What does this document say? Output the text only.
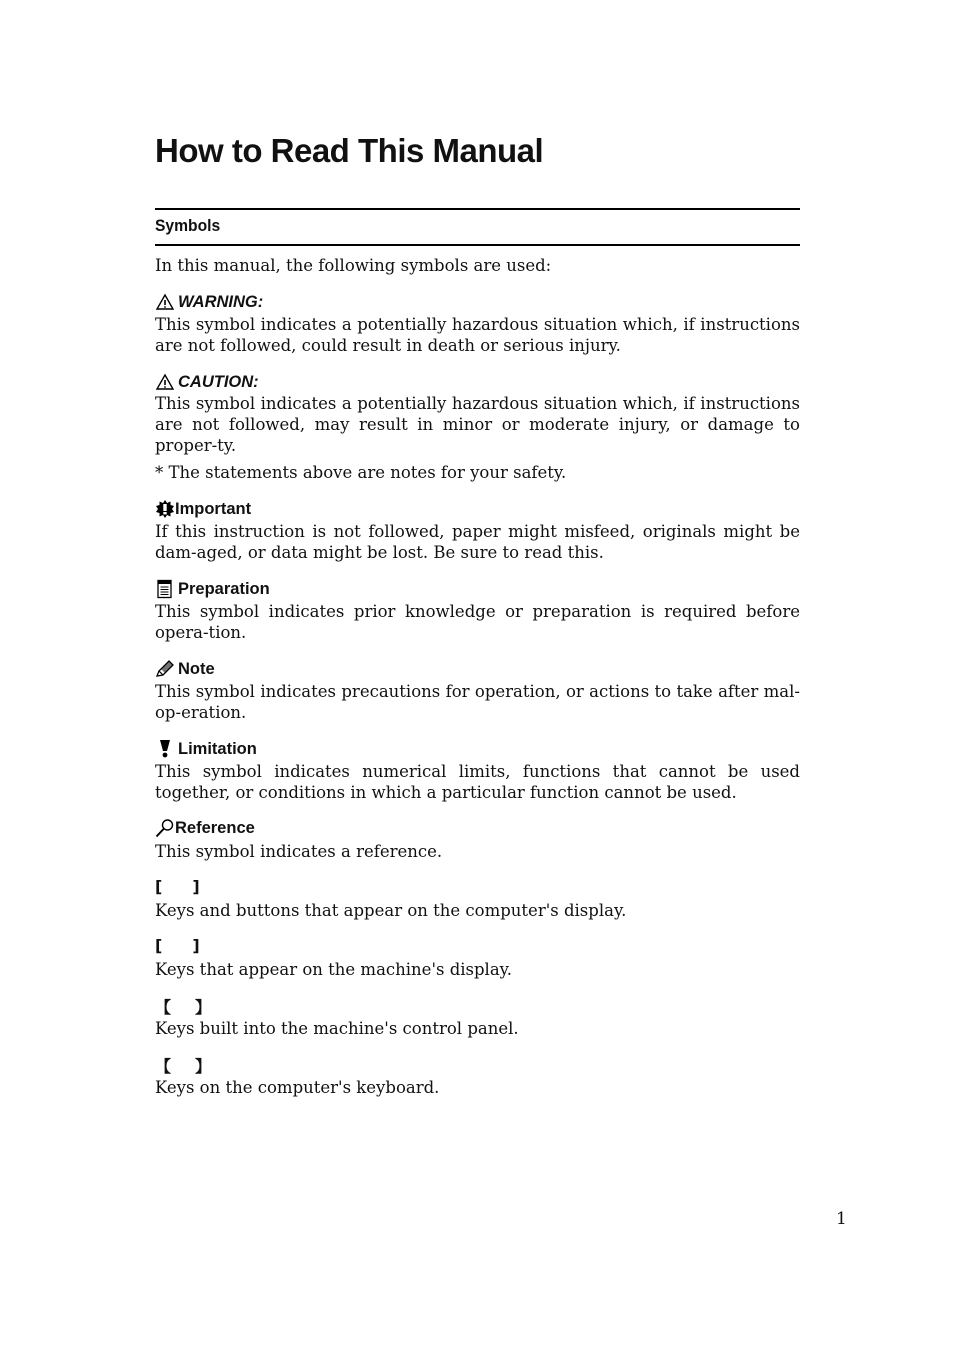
How to Read This Manual
Symbols
In this manual, the following symbols are used:
WARNING:
This symbol indicates a potentially hazardous situation which, if instructions are not followed, could result in death or serious injury.
CAUTION:
This symbol indicates a potentially hazardous situation which, if instructions are not followed, may result in minor or moderate injury, or damage to proper-ty.
* The statements above are notes for your safety.
Important
If this instruction is not followed, paper might misfeed, originals might be dam-aged, or data might be lost. Be sure to read this.
Preparation
This symbol indicates prior knowledge or preparation is required before opera-tion.
Note
This symbol indicates precautions for operation, or actions to take after mal-op-eration.
Limitation
This symbol indicates numerical limits, functions that cannot be used together, or conditions in which a particular function cannot be used.
Reference
This symbol indicates a reference.
[ ]
Keys and buttons that appear on the computer's display.
[ ]
Keys that appear on the machine's display.
【 】
Keys built into the machine's control panel.
【 】
Keys on the computer's keyboard.
1
